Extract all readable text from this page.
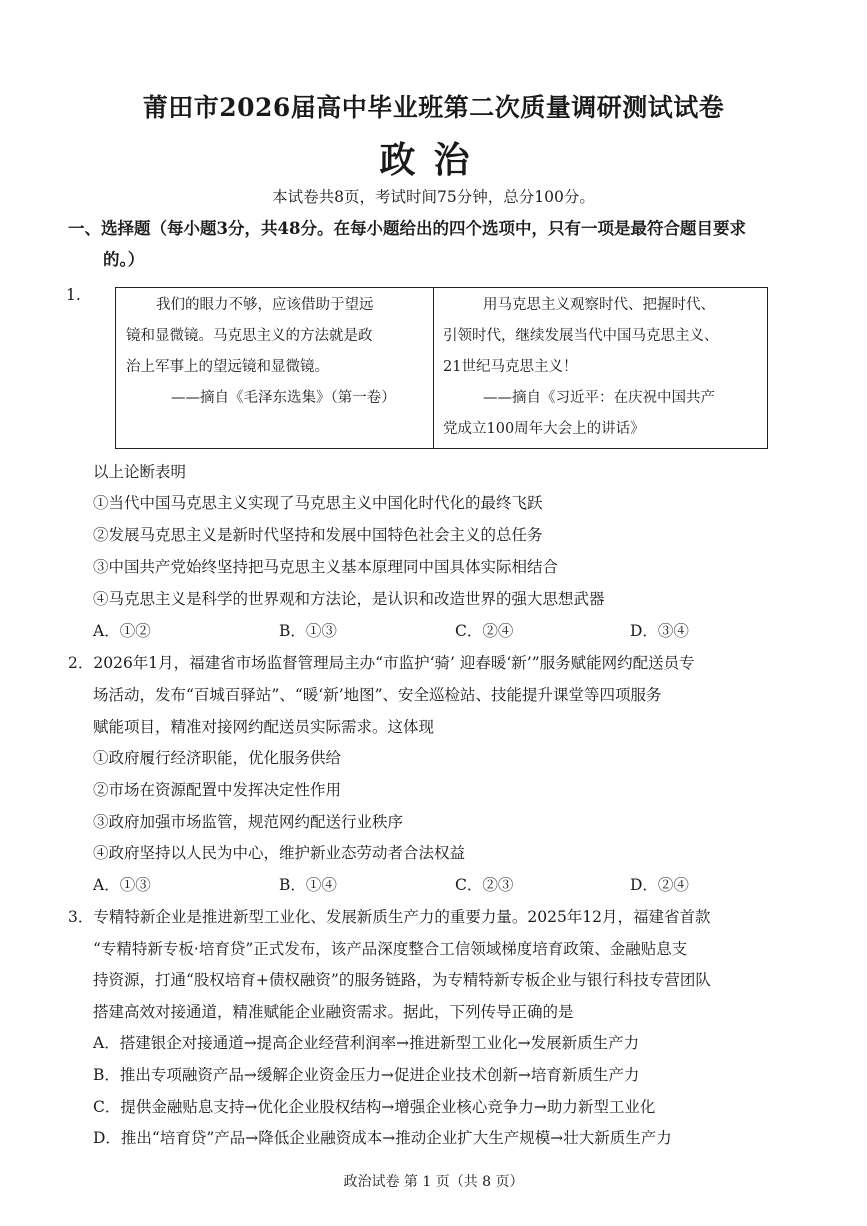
莆田市2026届高中毕业班第二次质量调研测试试卷
政治
本试卷共8页，考试时间75分钟，总分100分。
一、选择题（每小题3分，共48分。在每小题给出的四个选项中，只有一项是最符合题目要求
的。）
1.
我们的眼力不够，应该借助于望远
镜和显微镜。马克思主义的方法就是政
治上军事上的望远镜和显微镜。
——摘自《毛泽东选集》（第一卷）
用马克思主义观察时代、把握时代、
引领时代，继续发展当代中国马克思主义、
21世纪马克思主义！
——摘自《习近平：在庆祝中国共产
党成立100周年大会上的讲话》
以上论断表明
①当代中国马克思主义实现了马克思主义中国化时代化的最终飞跃
②发展马克思主义是新时代坚持和发展中国特色社会主义的总任务
③中国共产党始终坚持把马克思主义基本原理同中国具体实际相结合
④马克思主义是科学的世界观和方法论，是认识和改造世界的强大思想武器
A．①②	B．①③	C．②④	D．③④
2．2026年1月，福建省市场监督管理局主办“市监护‘骑’ 迎春暖‘新’”服务赋能网约配送员专
场活动，发布“百城百驿站”、“暖‘新’地图”、安全巡检站、技能提升课堂等四项服务
赋能项目，精准对接网约配送员实际需求。这体现
①政府履行经济职能，优化服务供给
②市场在资源配置中发挥决定性作用
③政府加强市场监管，规范网约配送行业秩序
④政府坚持以人民为中心，维护新业态劳动者合法权益
A．①③	B．①④	C．②③	D．②④
3．专精特新企业是推进新型工业化、发展新质生产力的重要力量。2025年12月，福建省首款
“专精特新专板·培育贷”正式发布，该产品深度整合工信领域梯度培育政策、金融贴息支
持资源，打通“股权培育+债权融资”的服务链路，为专精特新专板企业与银行科技专营团队
搭建高效对接通道，精准赋能企业融资需求。据此，下列传导正确的是
A．搭建银企对接通道→提高企业经营利润率→推进新型工业化→发展新质生产力
B．推出专项融资产品→缓解企业资金压力→促进企业技术创新→培育新质生产力
C．提供金融贴息支持→优化企业股权结构→增强企业核心竞争力→助力新型工业化
D．推出“培育贷”产品→降低企业融资成本→推动企业扩大生产规模→壮大新质生产力
政治试卷 第 1 页（共 8 页）
